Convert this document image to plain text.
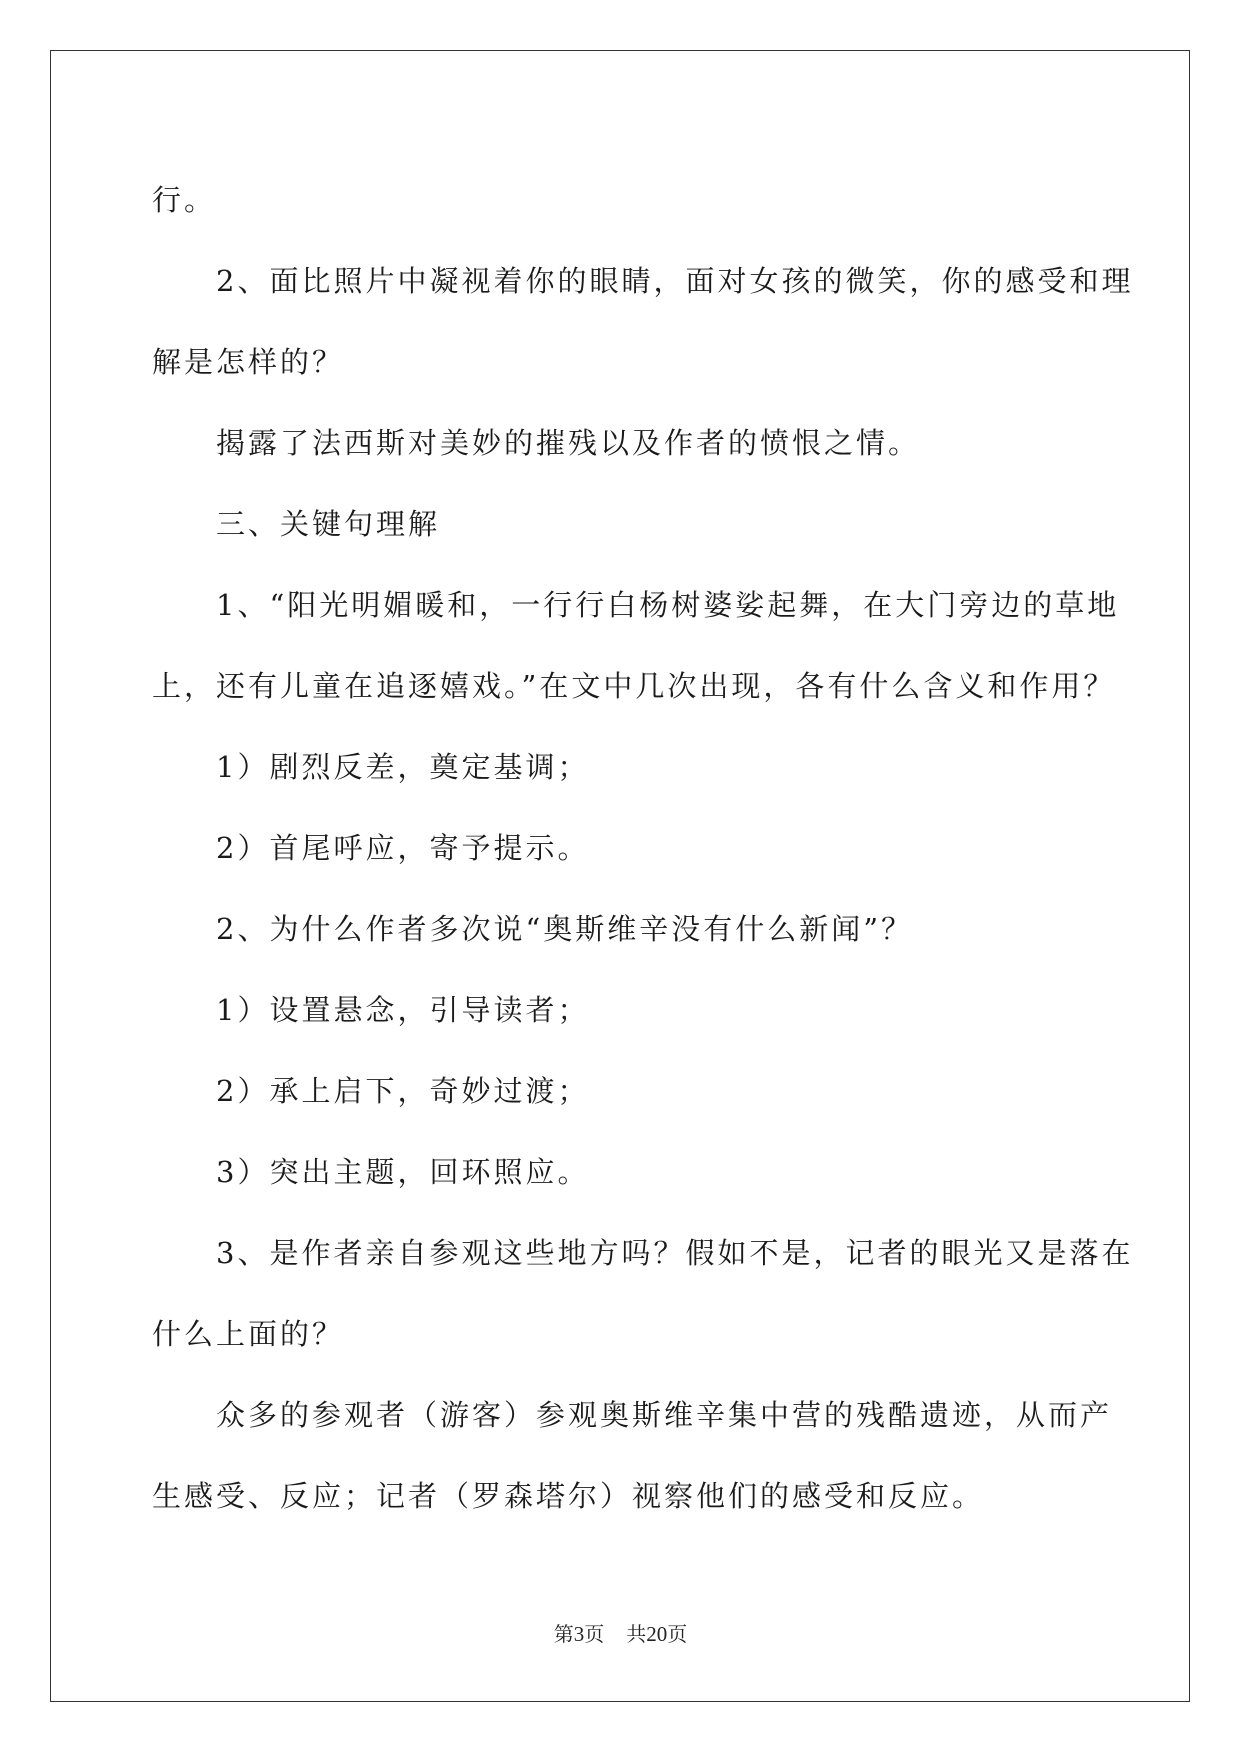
行。

2、面比照片中凝视着你的眼睛，面对女孩的微笑，你的感受和理

解是怎样的？

揭露了法西斯对美妙的摧残以及作者的愤恨之情。

三、关键句理解

1、“阳光明媚暖和，一行行白杨树婆娑起舞，在大门旁边的草地

上，还有儿童在追逐嬉戏。”在文中几次出现，各有什么含义和作用？

1）剧烈反差，奠定基调；

2）首尾呼应，寄予提示。

2、为什么作者多次说“奥斯维辛没有什么新闻”？

1）设置悬念，引导读者；

2）承上启下，奇妙过渡；

3）突出主题，回环照应。

3、是作者亲自参观这些地方吗？假如不是，记者的眼光又是落在

什么上面的？

众多的参观者（游客）参观奥斯维辛集中营的残酷遗迹，从而产

生感受、反应；记者（罗森塔尔）视察他们的感受和反应。

第3页 共20页
